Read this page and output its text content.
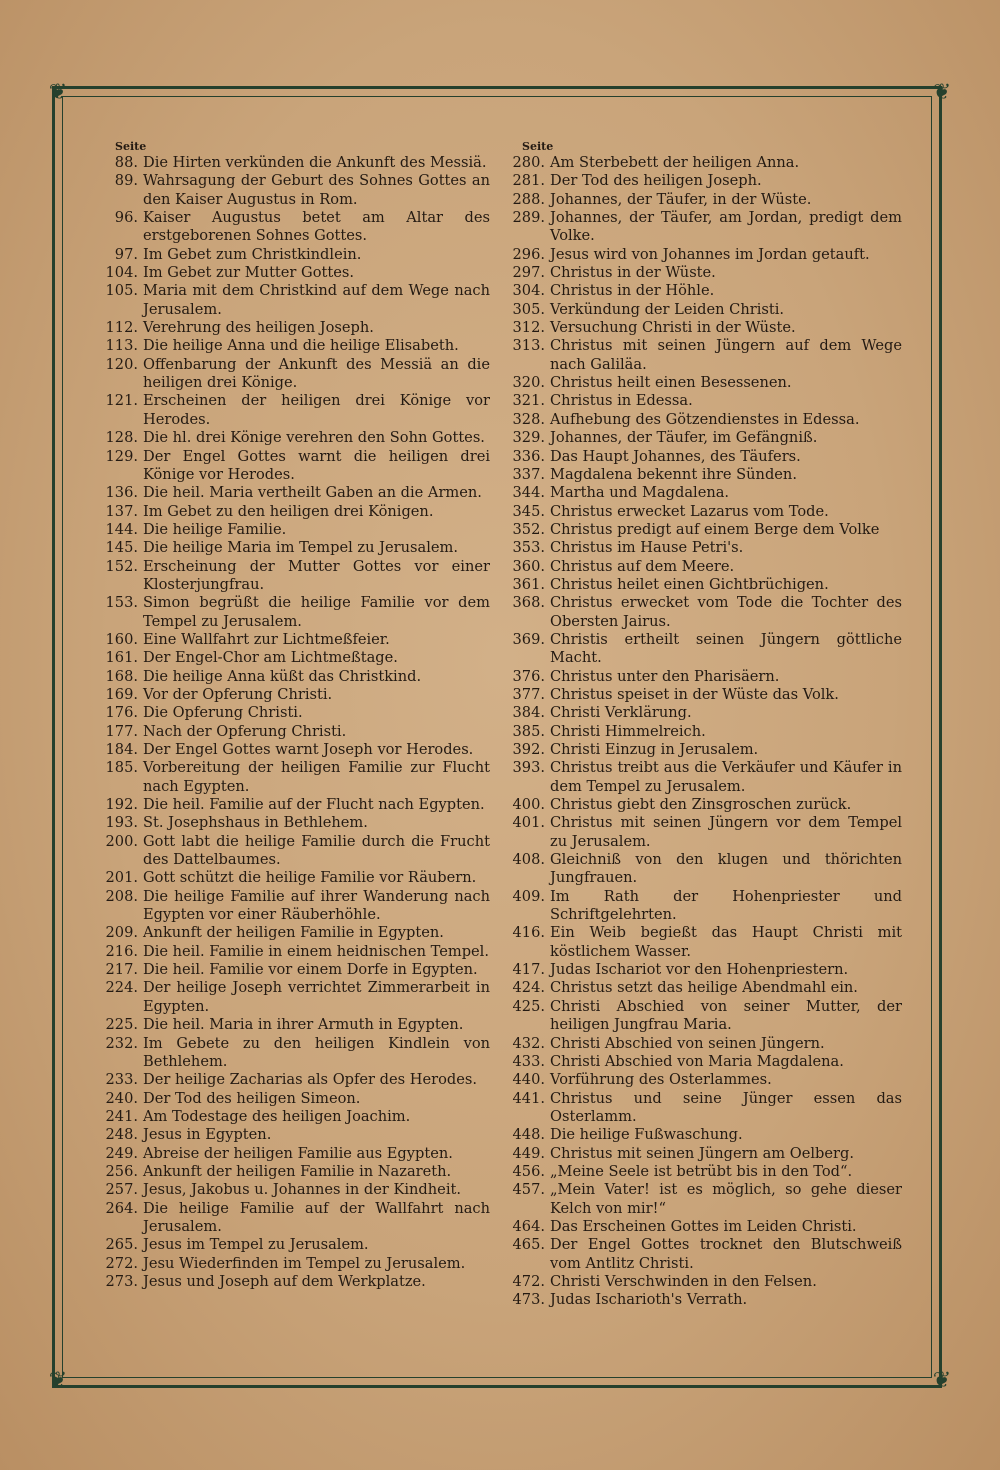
❦	❦
❦	❦
Seite
88. Die Hirten verkünden die Ankunft des Messiä.
89. Wahrsagung der Geburt des Sohnes Gottes an den Kaiser Augustus in Rom.
96. Kaiser Augustus betet am Altar des erstgeborenen Sohnes Gottes.
97. Im Gebet zum Christkindlein.
104. Im Gebet zur Mutter Gottes.
105. Maria mit dem Christkind auf dem Wege nach Jerusalem.
112. Verehrung des heiligen Joseph.
113. Die heilige Anna und die heilige Elisabeth.
120. Offenbarung der Ankunft des Messiä an die heiligen drei Könige.
121. Erscheinen der heiligen drei Könige vor Herodes.
128. Die hl. drei Könige verehren den Sohn Gottes.
129. Der Engel Gottes warnt die heiligen drei Könige vor Herodes.
136. Die heil. Maria vertheilt Gaben an die Armen.
137. Im Gebet zu den heiligen drei Königen.
144. Die heilige Familie.
145. Die heilige Maria im Tempel zu Jerusalem.
152. Erscheinung der Mutter Gottes vor einer Klosterjungfrau.
153. Simon begrüßt die heilige Familie vor dem Tempel zu Jerusalem.
160. Eine Wallfahrt zur Lichtmeßfeier.
161. Der Engel-Chor am Lichtmeßtage.
168. Die heilige Anna küßt das Christkind.
169. Vor der Opferung Christi.
176. Die Opferung Christi.
177. Nach der Opferung Christi.
184. Der Engel Gottes warnt Joseph vor Herodes.
185. Vorbereitung der heiligen Familie zur Flucht nach Egypten.
192. Die heil. Familie auf der Flucht nach Egypten.
193. St. Josephshaus in Bethlehem.
200. Gott labt die heilige Familie durch die Frucht des Dattelbaumes.
201. Gott schützt die heilige Familie vor Räubern.
208. Die heilige Familie auf ihrer Wanderung nach Egypten vor einer Räuberhöhle.
209. Ankunft der heiligen Familie in Egypten.
216. Die heil. Familie in einem heidnischen Tempel.
217. Die heil. Familie vor einem Dorfe in Egypten.
224. Der heilige Joseph verrichtet Zimmerarbeit in Egypten.
225. Die heil. Maria in ihrer Armuth in Egypten.
232. Im Gebete zu den heiligen Kindlein von Bethlehem.
233. Der heilige Zacharias als Opfer des Herodes.
240. Der Tod des heiligen Simeon.
241. Am Todestage des heiligen Joachim.
248. Jesus in Egypten.
249. Abreise der heiligen Familie aus Egypten.
256. Ankunft der heiligen Familie in Nazareth.
257. Jesus, Jakobus u. Johannes in der Kindheit.
264. Die heilige Familie auf der Wallfahrt nach Jerusalem.
265. Jesus im Tempel zu Jerusalem.
272. Jesu Wiederfinden im Tempel zu Jerusalem.
273. Jesus und Joseph auf dem Werkplatze.
Seite
280. Am Sterbebett der heiligen Anna.
281. Der Tod des heiligen Joseph.
288. Johannes, der Täufer, in der Wüste.
289. Johannes, der Täufer, am Jordan, predigt dem Volke.
296. Jesus wird von Johannes im Jordan getauft.
297. Christus in der Wüste.
304. Christus in der Höhle.
305. Verkündung der Leiden Christi.
312. Versuchung Christi in der Wüste.
313. Christus mit seinen Jüngern auf dem Wege nach Galiläa.
320. Christus heilt einen Besessenen.
321. Christus in Edessa.
328. Aufhebung des Götzendienstes in Edessa.
329. Johannes, der Täufer, im Gefängniß.
336. Das Haupt Johannes, des Täufers.
337. Magdalena bekennt ihre Sünden.
344. Martha und Magdalena.
345. Christus erwecket Lazarus vom Tode.
352. Christus predigt auf einem Berge dem Volke
353. Christus im Hause Petri's.
360. Christus auf dem Meere.
361. Christus heilet einen Gichtbrüchigen.
368. Christus erwecket vom Tode die Tochter des Obersten Jairus.
369. Christis ertheilt seinen Jüngern göttliche Macht.
376. Christus unter den Pharisäern.
377. Christus speiset in der Wüste das Volk.
384. Christi Verklärung.
385. Christi Himmelreich.
392. Christi Einzug in Jerusalem.
393. Christus treibt aus die Verkäufer und Käufer in dem Tempel zu Jerusalem.
400. Christus giebt den Zinsgroschen zurück.
401. Christus mit seinen Jüngern vor dem Tempel zu Jerusalem.
408. Gleichniß von den klugen und thörichten Jungfrauen.
409. Im Rath der Hohenpriester und Schriftgelehrten.
416. Ein Weib begießt das Haupt Christi mit köstlichem Wasser.
417. Judas Ischariot vor den Hohenpriestern.
424. Christus setzt das heilige Abendmahl ein.
425. Christi Abschied von seiner Mutter, der heiligen Jungfrau Maria.
432. Christi Abschied von seinen Jüngern.
433. Christi Abschied von Maria Magdalena.
440. Vorführung des Osterlammes.
441. Christus und seine Jünger essen das Osterlamm.
448. Die heilige Fußwaschung.
449. Christus mit seinen Jüngern am Oelberg.
456. „Meine Seele ist betrübt bis in den Tod“.
457. „Mein Vater! ist es möglich, so gehe dieser Kelch von mir!“
464. Das Erscheinen Gottes im Leiden Christi.
465. Der Engel Gottes trocknet den Blutschweiß vom Antlitz Christi.
472. Christi Verschwinden in den Felsen.
473. Judas Ischarioth's Verrath.
